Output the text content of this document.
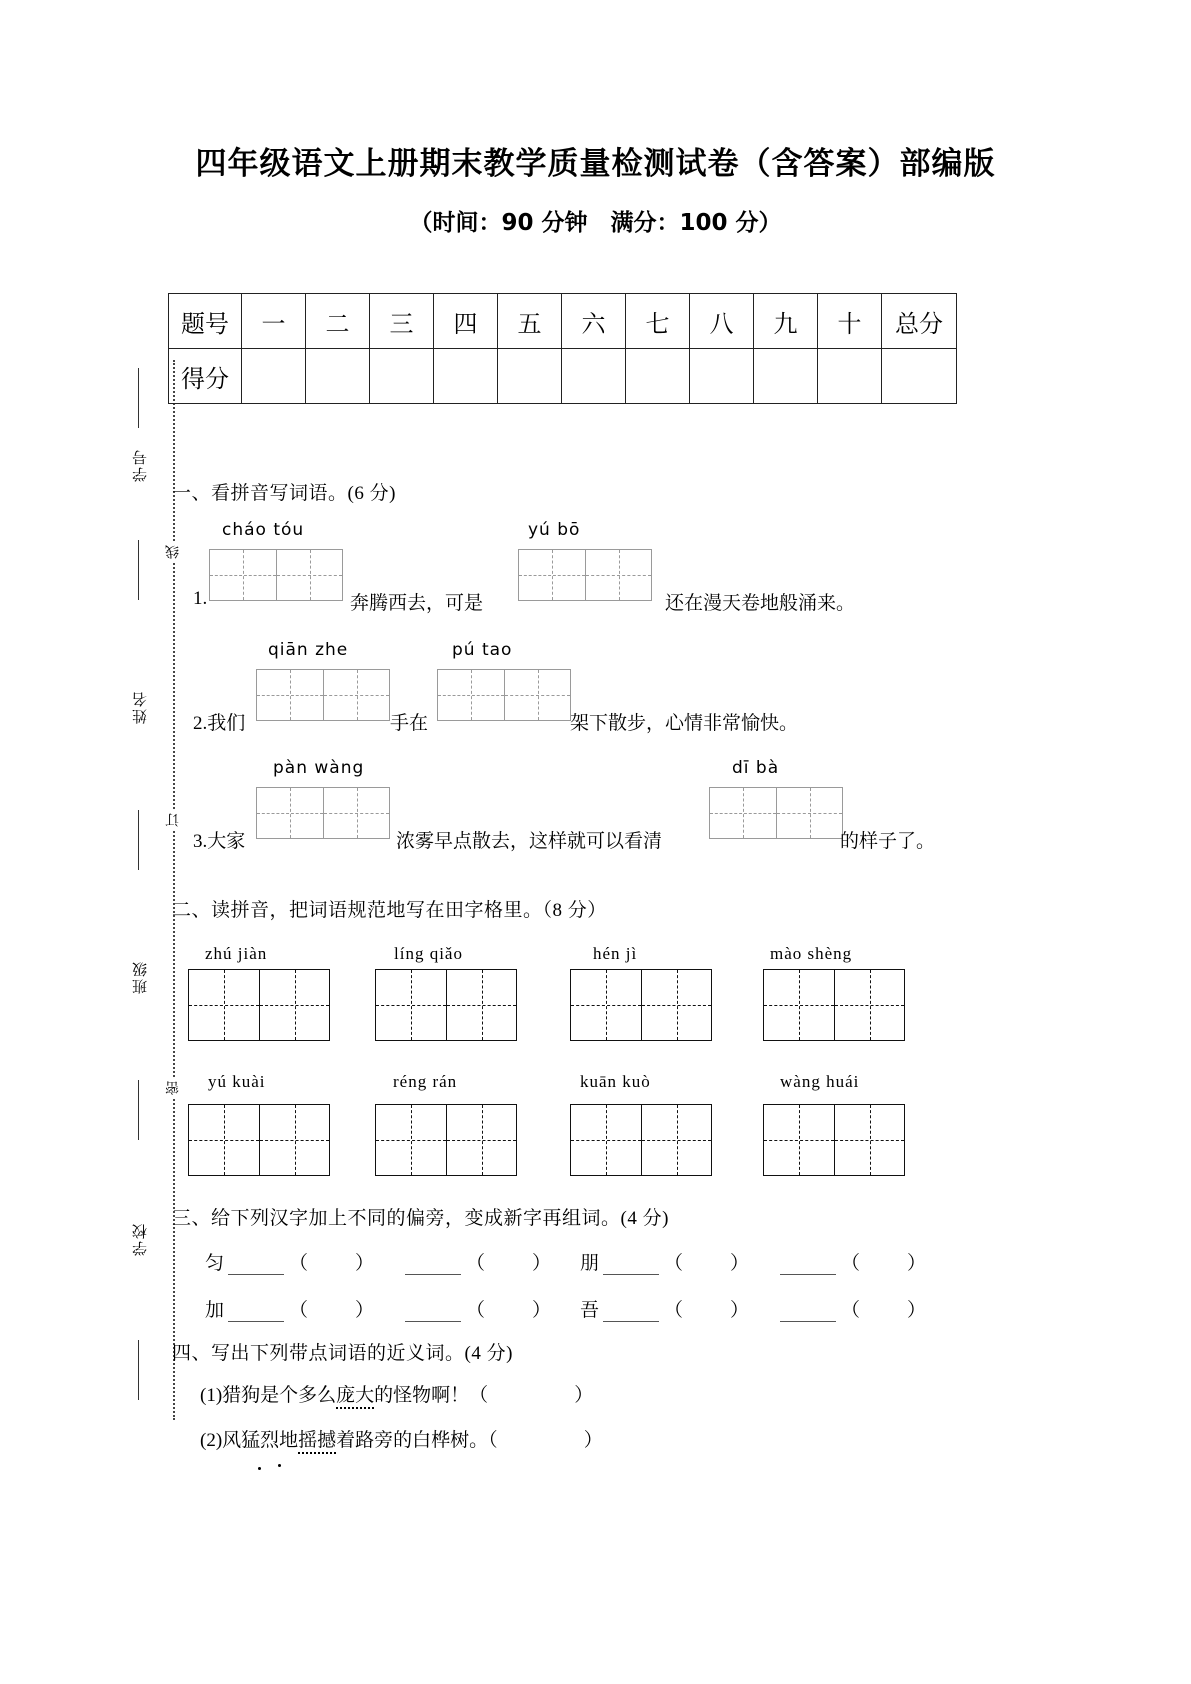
四年级语文上册期末教学质量检测试卷（含答案）部编版
（时间：90 分钟　满分：100 分）
学号
姓名
班级
学校
线
订
密
题号	一	二	三	四	五	六	七	八	九	十	总分
得分											
一、看拼音写词语。(6 分)
cháo tóu	yú bō
1.	奔腾西去，可是	还在漫天卷地般涌来。
qiān zhe	pú tao
2.我们	手在	架下散步，心情非常愉快。
pàn wàng	dī bà
3.大家	浓雾早点散去，这样就可以看清	的样子了。
二、读拼音，把词语规范地写在田字格里。（8 分）
zhú jiàn	líng qiǎo	hén jì	mào shèng
yú kuài	réng rán	kuān kuò	wàng huái
三、给下列汉字加上不同的偏旁，变成新字再组词。(4 分)
匀	（ ）	（ ） 朋	（ ）	（ ）
加	（ ）	（ ） 吾	（ ）	（ ）
四、写出下列带点词语的近义词。(4 分)
(1)猎狗是个多么庞大的怪物啊！（	）
(2)风猛烈地摇撼着路旁的白桦树。（	）
